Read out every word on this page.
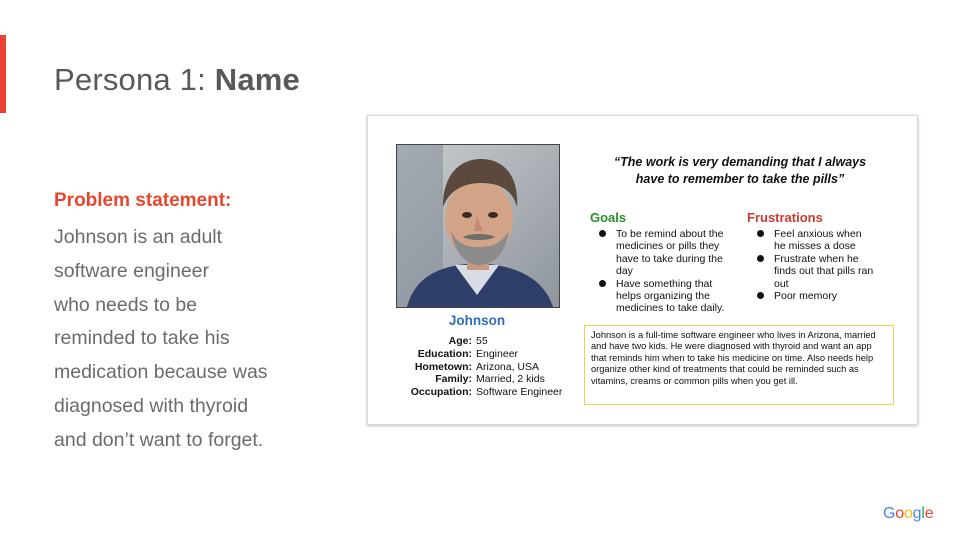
Persona 1: Name
Problem statement:
Johnson is an adult
software engineer
who needs to be
reminded to take his
medication because was
diagnosed with thyroid
and don’t want to forget.
Johnson
Age: 55
Education: Engineer
Hometown: Arizona, USA
Family: Married, 2 kids
Occupation: Software Engineer
“The work is very demanding that I always
have to remember to take the pills”
Goals
To be remind about the medicines or pills they have to take during the day
Have something that helps organizing the medicines to take daily.
Frustrations
Feel anxious when he misses a dose
Frustrate when he finds out that pills ran out
Poor memory
Johnson is a full-time software engineer who lives in Arizona, married and have two kids. He were diagnosed with thyroid and want an app that reminds him when to take his medicine on time. Also needs help organize other kind of treatments that could be reminded such as vitamins, creams or common pills when you get ill.
Google
